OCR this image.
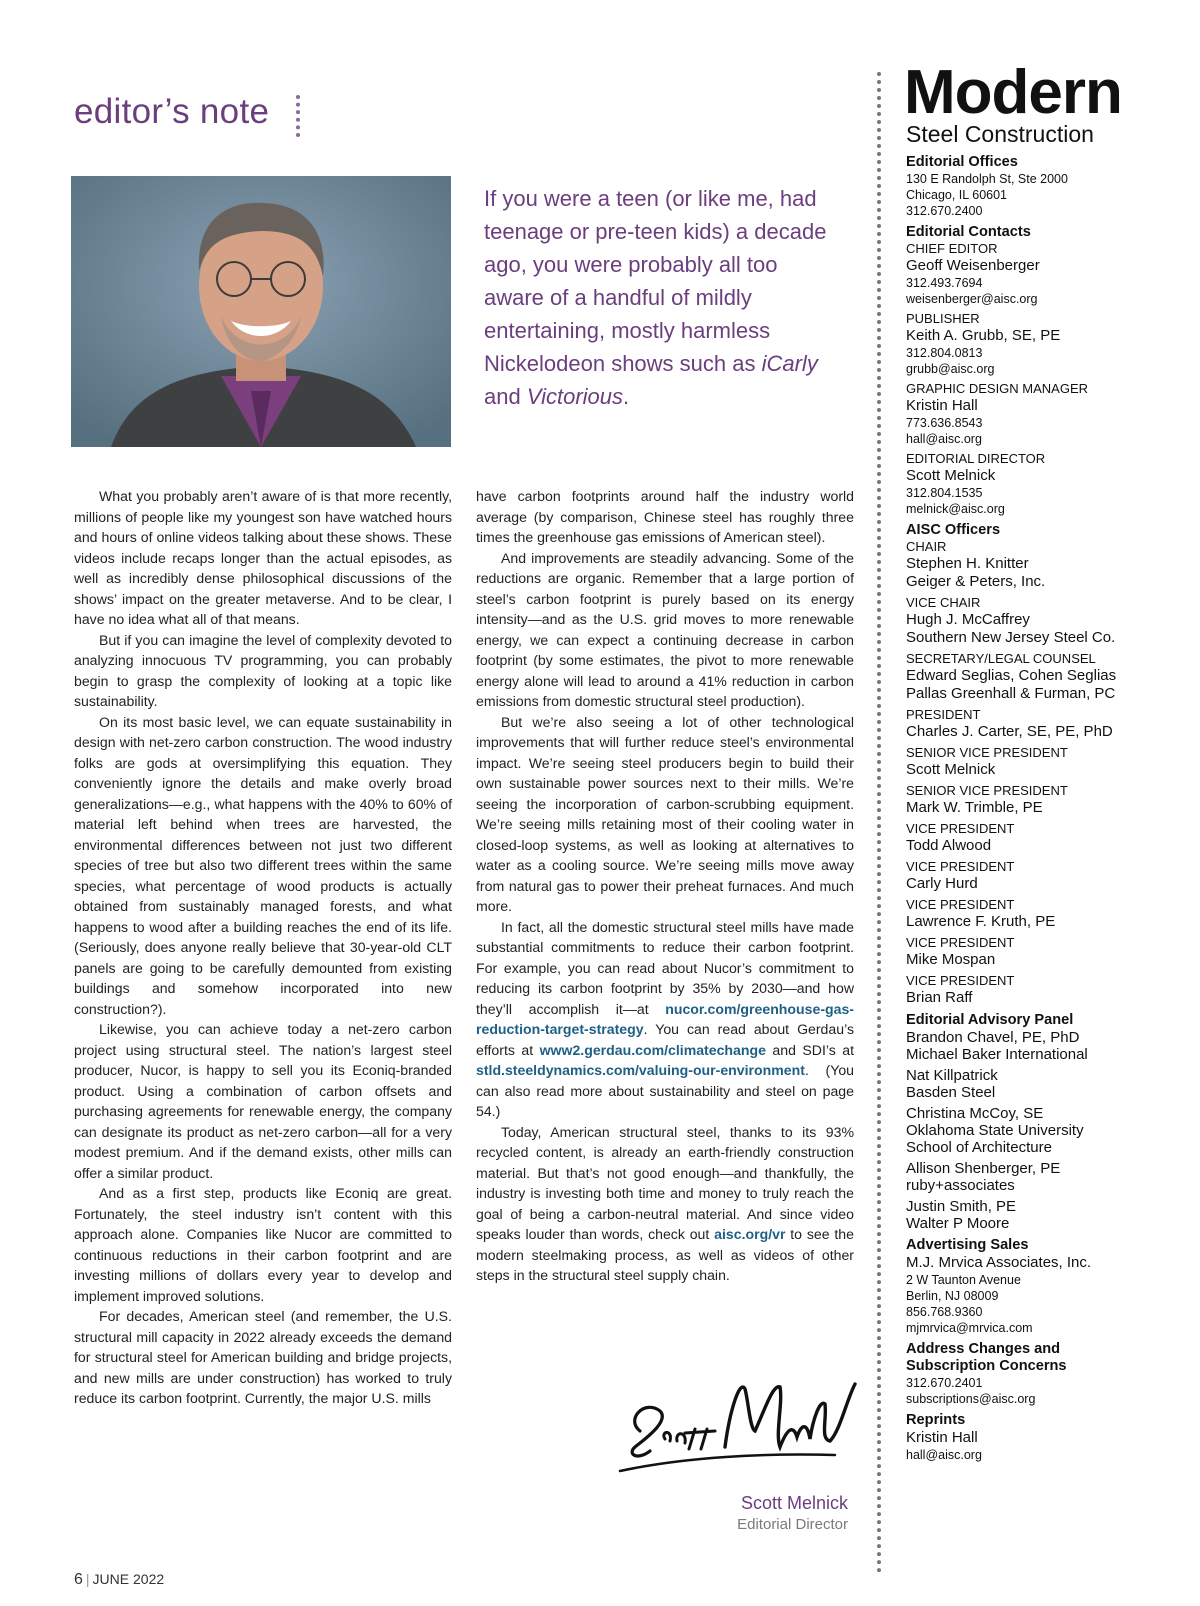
editor’s note
If you were a teen (or like me, had teenage or pre-teen kids) a decade ago, you were probably all too aware of a handful of mildly entertaining, mostly harmless Nickelodeon shows such as iCarly and Victorious.

What you probably aren’t aware of is that more recently, millions of people like my youngest son have watched hours and hours of online videos talking about these shows. These videos include recaps longer than the actual episodes, as well as incredibly dense philosophical discussions of the shows’ impact on the greater metaverse. And to be clear, I have no idea what all of that means.

But if you can imagine the level of complexity devoted to analyzing innocuous TV programming, you can probably begin to grasp the complexity of looking at a topic like sustainability.

On its most basic level, we can equate sustainability in design with net-zero carbon construction. The wood industry folks are gods at oversimplifying this equation. They conveniently ignore the details and make overly broad generalizations—e.g., what happens with the 40% to 60% of material left behind when trees are harvested, the environmental differences between not just two different species of tree but also two different trees within the same species, what percentage of wood products is actually obtained from sustainably managed forests, and what happens to wood after a building reaches the end of its life. (Seriously, does anyone really believe that 30-year-old CLT panels are going to be carefully demounted from existing buildings and somehow incorporated into new construction?).

Likewise, you can achieve today a net-zero carbon project using structural steel. The nation’s largest steel producer, Nucor, is happy to sell you its Econiq-branded product. Using a combination of carbon offsets and purchasing agreements for renewable energy, the company can designate its product as net-zero carbon—all for a very modest premium. And if the demand exists, other mills can offer a similar product.

And as a first step, products like Econiq are great. Fortunately, the steel industry isn’t content with this approach alone. Companies like Nucor are committed to continuous reductions in their carbon footprint and are investing millions of dollars every year to develop and implement improved solutions.

For decades, American steel (and remember, the U.S. structural mill capacity in 2022 already exceeds the demand for structural steel for American building and bridge projects, and new mills are under construction) has worked to truly reduce its carbon footprint. Currently, the major U.S. mills

have carbon footprints around half the industry world average (by comparison, Chinese steel has roughly three times the greenhouse gas emissions of American steel).

And improvements are steadily advancing. Some of the reductions are organic. Remember that a large portion of steel’s carbon footprint is purely based on its energy intensity—and as the U.S. grid moves to more renewable energy, we can expect a continuing decrease in carbon footprint (by some estimates, the pivot to more renewable energy alone will lead to around a 41% reduction in carbon emissions from domestic structural steel production).

But we’re also seeing a lot of other technological improvements that will further reduce steel’s environmental impact. We’re seeing steel producers begin to build their own sustainable power sources next to their mills. We’re seeing the incorporation of carbon-scrubbing equipment. We’re seeing mills retaining most of their cooling water in closed-loop systems, as well as looking at alternatives to water as a cooling source. We’re seeing mills move away from natural gas to power their preheat furnaces. And much more.

In fact, all the domestic structural steel mills have made substantial commitments to reduce their carbon footprint. For example, you can read about Nucor’s commitment to reducing its carbon footprint by 35% by 2030—and how they’ll accomplish it—at nucor.com/greenhouse-gas-reduction-target-strategy. You can read about Gerdau’s efforts at www2.gerdau.com/climatechange and SDI’s at stld.steeldynamics.com/valuing-our-environment. (You can also read more about sustainability and steel on page 54.)

Today, American structural steel, thanks to its 93% recycled content, is already an earth-friendly construction material. But that’s not good enough—and thankfully, the industry is investing both time and money to truly reach the goal of being a carbon-neutral material. And since video speaks louder than words, check out aisc.org/vr to see the modern steelmaking process, as well as videos of other steps in the structural steel supply chain.

Scott Melnick
Editorial Director
6 | JUNE 2022
Modern
Steel Construction
Editorial Offices
130 E Randolph St, Ste 2000
Chicago, IL 60601
312.670.2400
Editorial Contacts
CHIEF EDITOR
Geoff Weisenberger
312.493.7694
weisenberger@aisc.org
PUBLISHER
Keith A. Grubb, SE, PE
312.804.0813
grubb@aisc.org
GRAPHIC DESIGN MANAGER
Kristin Hall
773.636.8543
hall@aisc.org
EDITORIAL DIRECTOR
Scott Melnick
312.804.1535
melnick@aisc.org
AISC Officers
CHAIR
Stephen H. Knitter
Geiger & Peters, Inc.
VICE CHAIR
Hugh J. McCaffrey
Southern New Jersey Steel Co.
SECRETARY/LEGAL COUNSEL
Edward Seglias, Cohen Seglias
Pallas Greenhall & Furman, PC
PRESIDENT
Charles J. Carter, SE, PE, PhD
SENIOR VICE PRESIDENT
Scott Melnick
SENIOR VICE PRESIDENT
Mark W. Trimble, PE
VICE PRESIDENT
Todd Alwood
VICE PRESIDENT
Carly Hurd
VICE PRESIDENT
Lawrence F. Kruth, PE
VICE PRESIDENT
Mike Mospan
VICE PRESIDENT
Brian Raff
Editorial Advisory Panel
Brandon Chavel, PE, PhD
Michael Baker International
Nat Killpatrick
Basden Steel
Christina McCoy, SE
Oklahoma State University
School of Architecture
Allison Shenberger, PE
ruby+associates
Justin Smith, PE
Walter P Moore
Advertising Sales
M.J. Mrvica Associates, Inc.
2 W Taunton Avenue
Berlin, NJ 08009
856.768.9360
mjmrvica@mrvica.com
Address Changes and
Subscription Concerns
312.670.2401
subscriptions@aisc.org
Reprints
Kristin Hall
hall@aisc.org
